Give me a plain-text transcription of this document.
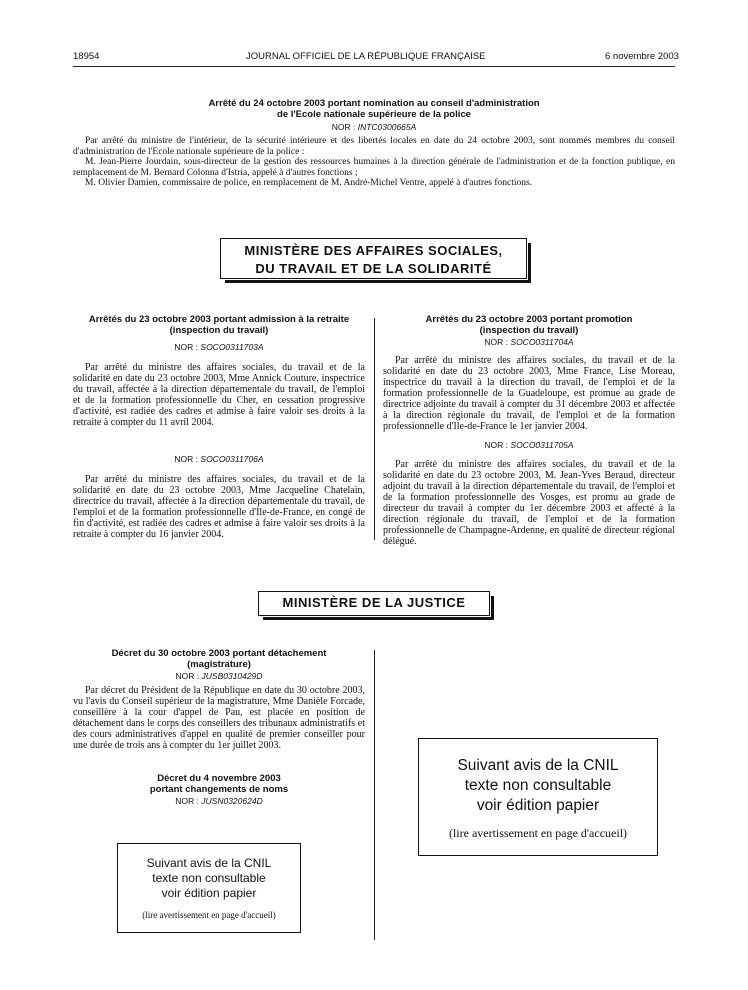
18954	JOURNAL OFFICIEL DE LA RÉPUBLIQUE FRANÇAISE	6 novembre 2003
Arrêté du 24 octobre 2003 portant nomination au conseil d'administration
de l'Ecole nationale supérieure de la police
NOR : INTC0300665A

Par arrêté du ministre de l'intérieur, de la sécurité intérieure et des libertés locales en date du 24 octobre 2003, sont nommés membres du conseil d'administration de l'Ecole nationale supérieure de la police :

M. Jean-Pierre Jourdain, sous-directeur de la gestion des ressources humaines à la direction générale de l'administration et de la fonction publique, en remplacement de M. Bernard Colonna d'Istria, appelé à d'autres fonctions ;

M. Olivier Damien, commissaire de police, en remplacement de M. André-Michel Ventre, appelé à d'autres fonctions.

MINISTÈRE DES AFFAIRES SOCIALES,
DU TRAVAIL ET DE LA SOLIDARITÉ
Arrêtés du 23 octobre 2003 portant admission à la retraite
(inspection du travail)
NOR : SOCO0311703A

Par arrêté du ministre des affaires sociales, du travail et de la solidarité en date du 23 octobre 2003, Mme Annick Couture, inspectrice du travail, affectée à la direction départementale du travail, de l'emploi et de la formation professionnelle du Cher, en cessation progressive d'activité, est radiée des cadres et admise à faire valoir ses droits à la retraite à compter du 11 avril 2004.

NOR : SOCO0311706A

Par arrêté du ministre des affaires sociales, du travail et de la solidarité en date du 23 octobre 2003, Mme Jacqueline Chatelain, directrice du travail, affectée à la direction départementale du travail, de l'emploi et de la formation professionnelle d'Ile-de-France, en congé de fin d'activité, est radiée des cadres et admise à faire valoir ses droits à la retraite à compter du 16 janvier 2004.

Arrêtés du 23 octobre 2003 portant promotion
(inspection du travail)
NOR : SOCO0311704A

Par arrêté du ministre des affaires sociales, du travail et de la solidarité en date du 23 octobre 2003, Mme France, Lise Moreau, inspectrice du travail à la direction du travail, de l'emploi et de la formation professionnelle de la Guadeloupe, est promue au grade de directrice adjointe du travail à compter du 31 décembre 2003 et affectée à la direction régionale du travail, de l'emploi et de la formation professionnelle d'Ile-de-France le 1er janvier 2004.

NOR : SOCO0311705A

Par arrêté du ministre des affaires sociales, du travail et de la solidarité en date du 23 octobre 2003, M. Jean-Yves Beraud, directeur adjoint du travail à la direction départementale du travail, de l'emploi et de la formation professionnelle des Vosges, est promu au grade de directeur du travail à compter du 1er décembre 2003 et affecté à la direction régionale du travail, de l'emploi et de la formation professionnelle de Champagne-Ardenne, en qualité de directeur régional délégué.

MINISTÈRE DE LA JUSTICE
Décret du 30 octobre 2003 portant détachement
(magistrature)
NOR : JUSB0310429D

Par décret du Président de la République en date du 30 octobre 2003, vu l'avis du Conseil supérieur de la magistrature, Mme Danièle Forcade, conseillère à la cour d'appel de Pau, est placée en position de détachement dans le corps des conseillers des tribunaux administratifs et des cours administratives d'appel en qualité de premier conseiller pour une durée de trois ans à compter du 1er juillet 2003.

Décret du 4 novembre 2003
portant changements de noms
NOR : JUSN0320624D
Suivant avis de la CNIL
texte non consultable
voir édition papier
(lire avertissement en page d'accueil)
Suivant avis de la CNIL
texte non consultable
voir édition papier
(lire avertissement en page d'accueil)
